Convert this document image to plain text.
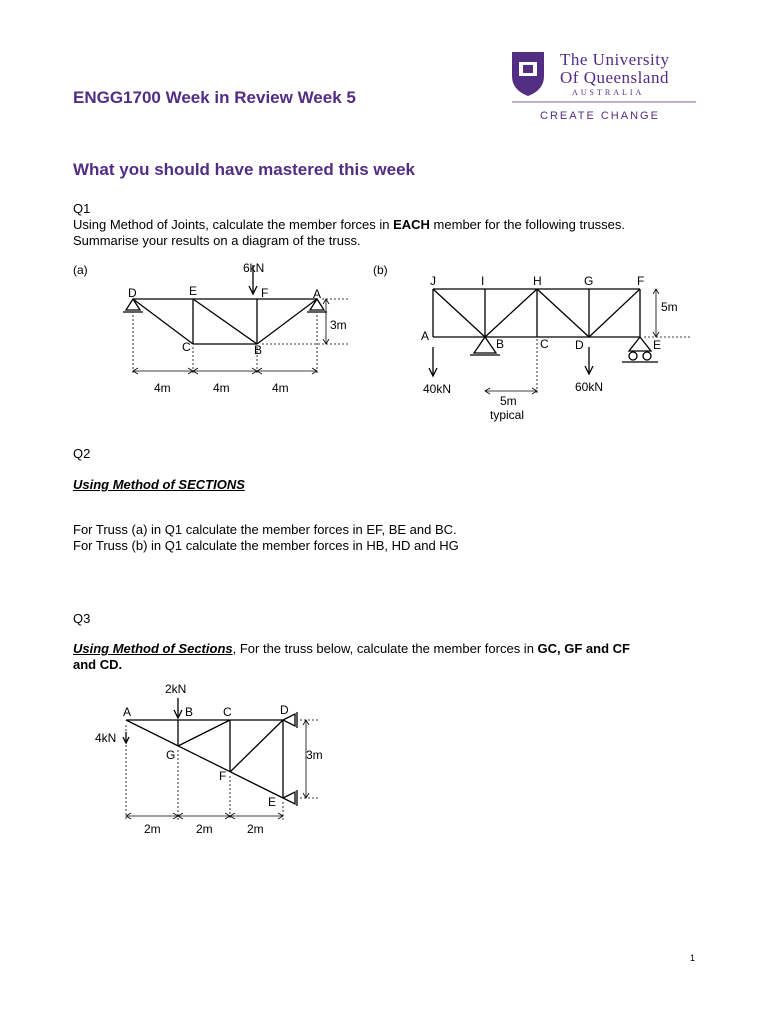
ENGG1700 Week in Review Week 5
The University
Of Queensland
AUSTRALIA
CREATE CHANGE
What you should have mastered this week
Q1
Using Method of Joints, calculate the member forces in EACH member for the following trusses.
Summarise your results on a diagram of the truss.
(a)	6kN
D	E	F	A
C	B
3m
4m	4m	4m
(b)
J	I	H	G	F
A
B	C D	E
40kN	60kN
5m
5m
typical
Q2
Using Method of SECTIONS
For Truss (a) in Q1 calculate the member forces in EF, BE and BC.
For Truss (b) in Q1 calculate the member forces in HB, HD and HG
Q3
Using Method of Sections, For the truss below, calculate the member forces in GC, GF and CF
and CD.
2kN
4kN
A	B C	D
G
F
E
3m
2m	2m	2m
1
